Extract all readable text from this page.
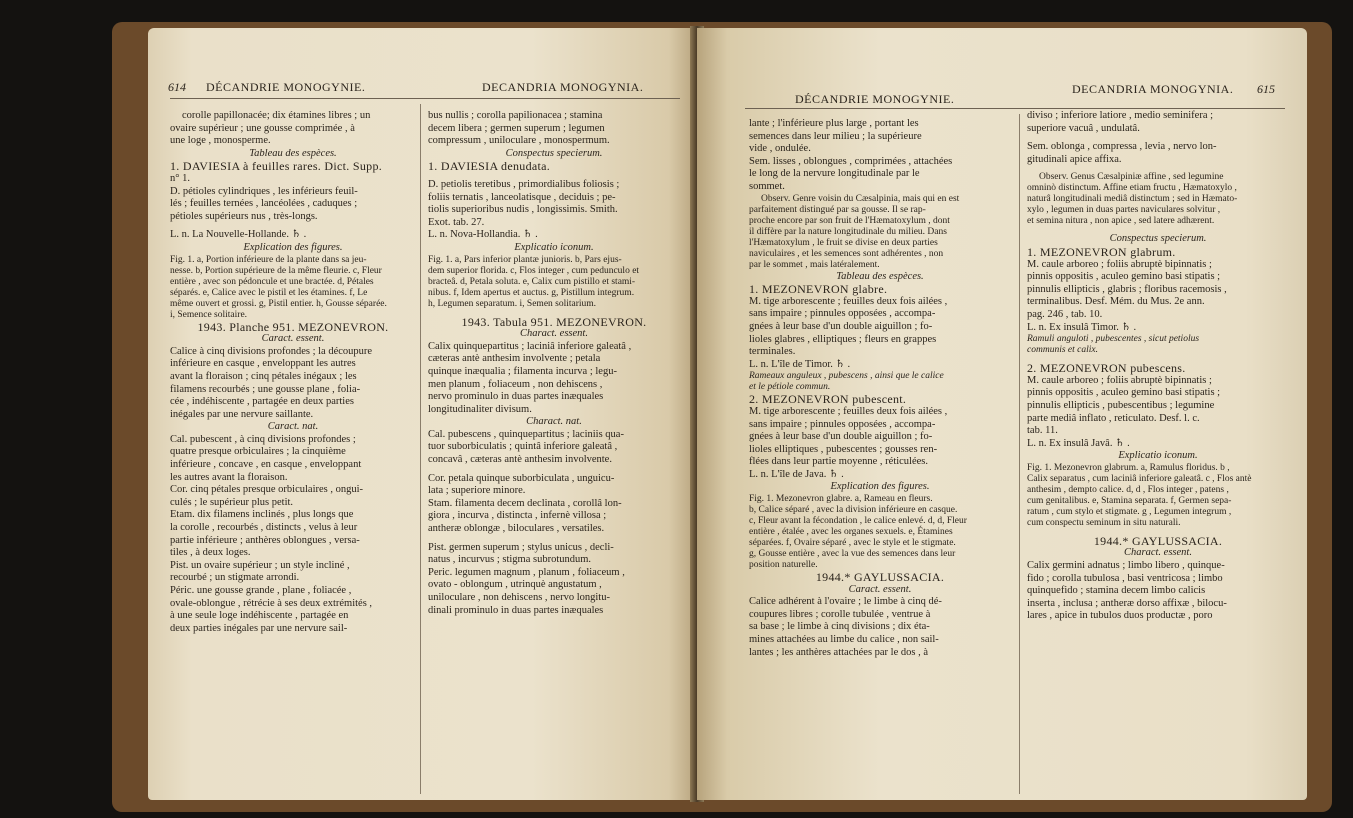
614 DÉCANDRIE MONOGYNIE.	DECANDRIA MONOGYNIA.

corolle papillonacée; dix étamines libres ; un

ovaire supérieur ; une gousse comprimée , à

une loge , monosperme.

Tableau des espèces.

1. DAVIESIA à feuilles rares. Dict. Supp.

n° 1.

D. pétioles cylindriques , les inférieurs feuil-

lés ; feuilles ternées , lancéolées , caduques ;

pétioles supérieurs nus , très-longs.

L. n. La Nouvelle-Hollande. ♄ .

Explication des figures.

Fig. 1. a, Portion inférieure de la plante dans sa jeu-

nesse. b, Portion supérieure de la même fleurie. c, Fleur

entière , avec son pédoncule et une bractée. d, Pétales

séparés. e, Calice avec le pistil et les étamines. f, Le

même ouvert et grossi. g, Pistil entier. h, Gousse séparée.

i, Semence solitaire.

1943. Planche 951. MEZONEVRON.

Caract. essent.

Calice à cinq divisions profondes ; la découpure

inférieure en casque , enveloppant les autres

avant la floraison ; cinq pétales inégaux ; les

filamens recourbés ; une gousse plane , folia-

cée , indéhiscente , partagée en deux parties

inégales par une nervure saillante.

Caract. nat.

Cal. pubescent , à cinq divisions profondes ;

quatre presque orbiculaires ; la cinquième

inférieure , concave , en casque , enveloppant

les autres avant la floraison.

Cor. cinq pétales presque orbiculaires , ongui-

culés ; le supérieur plus petit.

Etam. dix filamens inclinés , plus longs que

la corolle , recourbés , distincts , velus à leur

partie inférieure ; anthères oblongues , versa-

tiles , à deux loges.

Pist. un ovaire supérieur ; un style incliné ,

recourbé ; un stigmate arrondi.

Péric. une gousse grande , plane , foliacée ,

ovale-oblongue , rétrécie à ses deux extrémités ,

à une seule loge indéhiscente , partagée en

deux parties inégales par une nervure sail-

bus nullis ; corolla papilionacea ; stamina

decem libera ; germen superum ; legumen

compressum , uniloculare , monospermum.

Conspectus specierum.

1. DAVIESIA denudata.

D. petiolis teretibus , primordialibus foliosis ;

foliis ternatis , lanceolatisque , deciduis ; pe-

tiolis superioribus nudis , longissimis. Smith.

Exot. tab. 27.

L. n. Nova-Hollandia. ♄ .

Explicatio iconum.

Fig. 1. a, Pars inferior plantæ junioris. b, Pars ejus-

dem superior florida. c, Flos integer , cum pedunculo et

bracteâ. d, Petala soluta. e, Calix cum pistillo et stami-

nibus. f, Idem apertus et auctus. g, Pistillum integrum.

h, Legumen separatum. i, Semen solitarium.

1943. Tabula 951. MEZONEVRON.

Charact. essent.

Calix quinquepartitus ; laciniâ inferiore galeatâ ,

cæteras antè anthesim involvente ; petala

quinque inæqualia ; filamenta incurva ; legu-

men planum , foliaceum , non dehiscens ,

nervo prominulo in duas partes inæquales

longitudinaliter divisum.

Charact. nat.

Cal. pubescens , quinquepartitus ; laciniis qua-

tuor suborbiculatis ; quintâ inferiore galeatâ ,

concavâ , cæteras antè anthesim involvente.

Cor. petala quinque suborbiculata , unguicu-

lata ; superiore minore.

Stam. filamenta decem declinata , corollâ lon-

giora , incurva , distincta , infernè villosa ;

antheræ oblongæ , biloculares , versatiles.

Pist. germen superum ; stylus unicus , decli-

natus , incurvus ; stigma subrotundum.

Peric. legumen magnum , planum , foliaceum ,

ovato - oblongum , utrinquè angustatum ,

uniloculare , non dehiscens , nervo longitu-

dinali prominulo in duas partes inæquales

DÉCANDRIE MONOGYNIE.
DECANDRIA MONOGYNIA. 615

lante ; l'inférieure plus large , portant les

semences dans leur milieu ; la supérieure

vide , ondulée.

Sem. lisses , oblongues , comprimées , attachées

le long de la nervure longitudinale par le

sommet.

Observ. Genre voisin du Cæsalpinia, mais qui en est

parfaitement distingué par sa gousse. Il se rap-

proche encore par son fruit de l'Hæmatoxylum , dont

il diffère par la nature longitudinale du milieu. Dans

l'Hæmatoxylum , le fruit se divise en deux parties

naviculaires , et les semences sont adhérentes , non

par le sommet , mais latéralement.

Tableau des espèces.

1. MEZONEVRON glabre.

M. tige arborescente ; feuilles deux fois ailées ,

sans impaire ; pinnules opposées , accompa-

gnées à leur base d'un double aiguillon ; fo-

lioles glabres , elliptiques ; fleurs en grappes

terminales.

L. n. L'île de Timor. ♄ .

Rameaux anguleux , pubescens , ainsi que le calice

et le pétiole commun.

2. MEZONEVRON pubescent.

M. tige arborescente ; feuilles deux fois ailées ,

sans impaire ; pinnules opposées , accompa-

gnées à leur base d'un double aiguillon ; fo-

lioles elliptiques , pubescentes ; gousses ren-

flées dans leur partie moyenne , réticulées.

L. n. L'île de Java. ♄ .

Explication des figures.

Fig. 1. Mezonevron glabre. a, Rameau en fleurs.

b, Calice séparé , avec la division inférieure en casque.

c, Fleur avant la fécondation , le calice enlevé. d, d, Fleur

entière , étalée , avec les organes sexuels. e, Étamines

séparées. f, Ovaire séparé , avec le style et le stigmate.

g, Gousse entière , avec la vue des semences dans leur

position naturelle.

1944.* GAYLUSSACIA.

Caract. essent.

Calice adhérent à l'ovaire ; le limbe à cinq dé-

coupures libres ; corolle tubulée , ventrue à

sa base ; le limbe à cinq divisions ; dix éta-

mines attachées au limbe du calice , non sail-

lantes ; les anthères attachées par le dos , à

diviso ; inferiore latiore , medio seminifera ;

superiore vacuâ , undulatâ.

Sem. oblonga , compressa , levia , nervo lon-

gitudinali apice affixa.

Observ. Genus Cæsalpiniæ affine , sed legumine

omninò distinctum. Affine etiam fructu , Hæmatoxylo ,

naturâ longitudinali mediâ distinctum ; sed in Hæmato-

xylo , legumen in duas partes naviculares solvitur ,

et semina nitura , non apice , sed latere adhærent.

Conspectus specierum.

1. MEZONEVRON glabrum.

M. caule arboreo ; foliis abruptè bipinnatis ;

pinnis oppositis , aculeo gemino basi stipatis ;

pinnulis ellipticis , glabris ; floribus racemosis ,

terminalibus. Desf. Mém. du Mus. 2e ann.

pag. 246 , tab. 10.

L. n. Ex insulâ Timor. ♄ .

Ramuli anguloti , pubescentes , sicut petiolus

communis et calix.

2. MEZONEVRON pubescens.

M. caule arboreo ; foliis abruptè bipinnatis ;

pinnis oppositis , aculeo gemino basi stipatis ;

pinnulis ellipticis , pubescentibus ; legumine

parte mediâ inflato , reticulato. Desf. l. c.

tab. 11.

L. n. Ex insulâ Javâ. ♄ .

Explicatio iconum.

Fig. 1. Mezonevron glabrum. a, Ramulus floridus. b ,

Calix separatus , cum laciniâ inferiore galeatâ. c , Flos antè

anthesim , dempto calice. d, d , Flos integer , patens ,

cum genitalibus. e, Stamina separata. f, Germen sepa-

ratum , cum stylo et stigmate. g , Legumen integrum ,

cum conspectu seminum in situ naturali.

1944.* GAYLUSSACIA.

Charact. essent.

Calix germini adnatus ; limbo libero , quinque-

fido ; corolla tubulosa , basi ventricosa ; limbo

quinquefido ; stamina decem limbo calicis

inserta , inclusa ; antheræ dorso affixæ , bilocu-

lares , apice in tubulos duos productæ , poro
